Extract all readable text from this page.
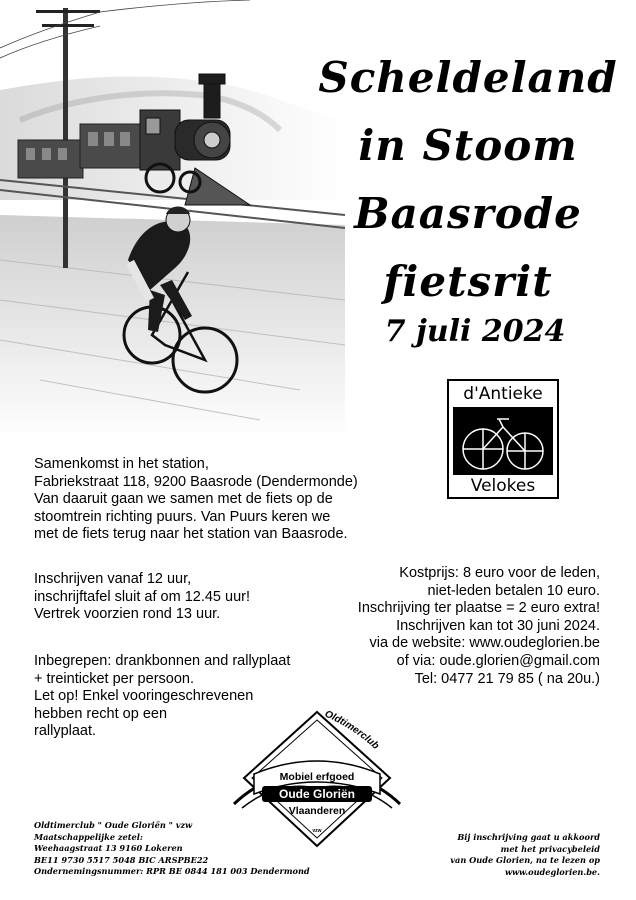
Scheldeland
in Stoom
Baasrode
fietsrit
7 juli 2024
d'Antieke
Velokes

Samenkomst in het station,
Fabriekstraat 118, 9200 Baasrode (Dendermonde)
Van daaruit gaan we samen met de fiets op de
stoomtrein richting puurs. Van Puurs keren we
met de fiets terug naar het station van Baasrode.

Inschrijven vanaf 12 uur,
inschrijftafel sluit af om 12.45 uur!
Vertrek voorzien rond 13 uur.

Inbegrepen: drankbonnen and rallyplaat
+ treinticket per persoon.
Let op! Enkel vooringeschrevenen
hebben recht op een
rallyplaat.

Kostprijs: 8 euro voor de leden,
niet-leden betalen 10 euro.
Inschrijving ter plaatse = 2 euro extra!
Inschrijven kan tot 30 juni 2024.
via de website: www.oudeglorien.be
of via: oude.glorien@gmail.com
Tel: 0477 21 79 85 ( na 20u.)

Oldtimerclub
Mobiel erfgoed
Oude Gloriën
Vlaanderen
vzw

Oldtimerclub " Oude Gloriën " vzw
Maatschappelijke zetel:
Weehaagstraat 13 9160 Lokeren
BE11 9730 5517 5048 BIC ARSPBE22
Ondernemingsnummer: RPR BE 0844 181 003 Dendermond

Bij inschrijving gaat u akkoord
met het privacybeleid
van Oude Glorien, na te lezen op
www.oudeglorien.be.
